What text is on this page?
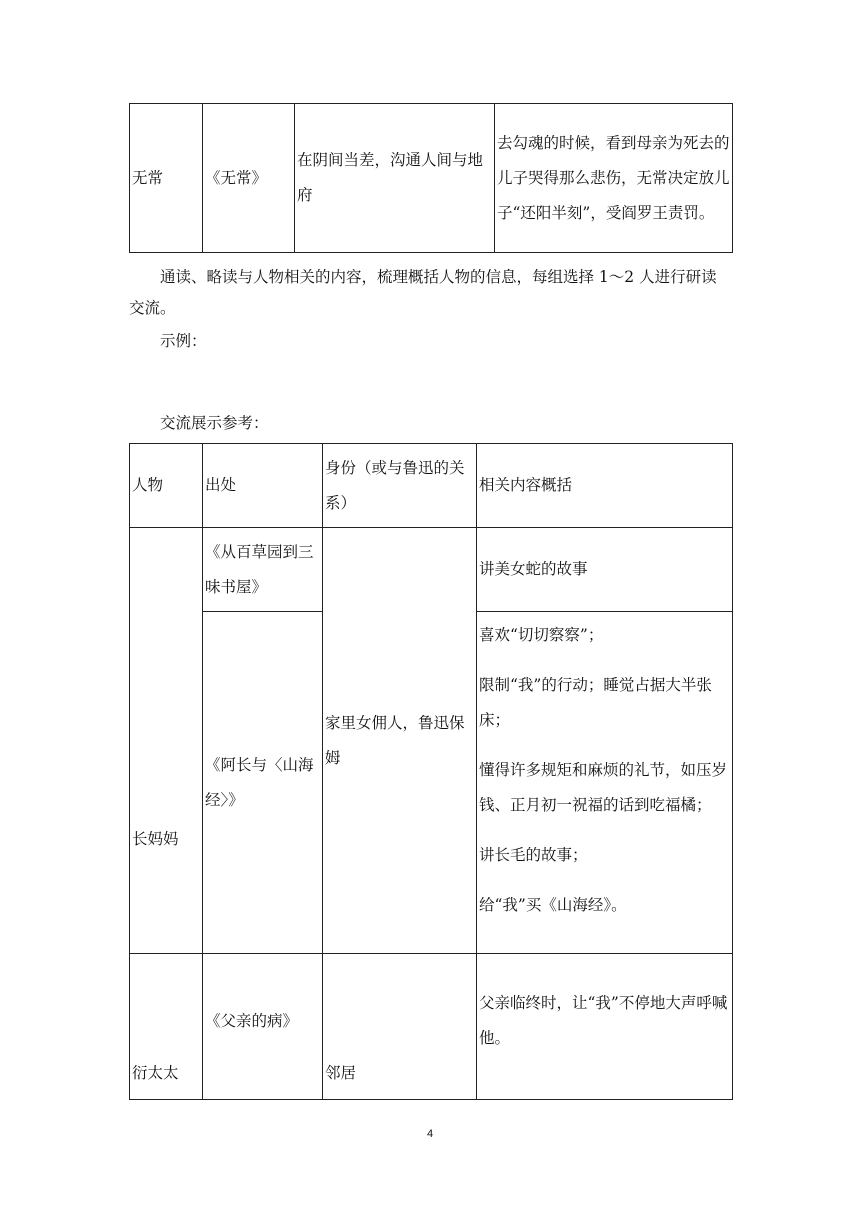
无常	《无常》	在阴间当差，沟通人间与地府	去勾魂的时候，看到母亲为死去的儿子哭得那么悲伤，无常决定放儿子“还阳半刻”，受阎罗王责罚。
通读、略读与人物相关的内容，梳理概括人物的信息，每组选择 1～2 人进行研读交流。
示例：
交流展示参考：
人物	出处	身份（或与鲁迅的关系）	相关内容概括
长妈妈	《从百草园到三味书屋》	家里女佣人，鲁迅保姆	讲美女蛇的故事
	《阿长与〈山海经〉》		喜欢“切切察察”；
限制“我”的行动；睡觉占据大半张床；
懂得许多规矩和麻烦的礼节，如压岁钱、正月初一祝福的话到吃福橘；
讲长毛的故事；
给“我”买《山海经》。

衍太太	《父亲的病》	邻居	父亲临终时，让“我”不停地大声呼喊他。
4
